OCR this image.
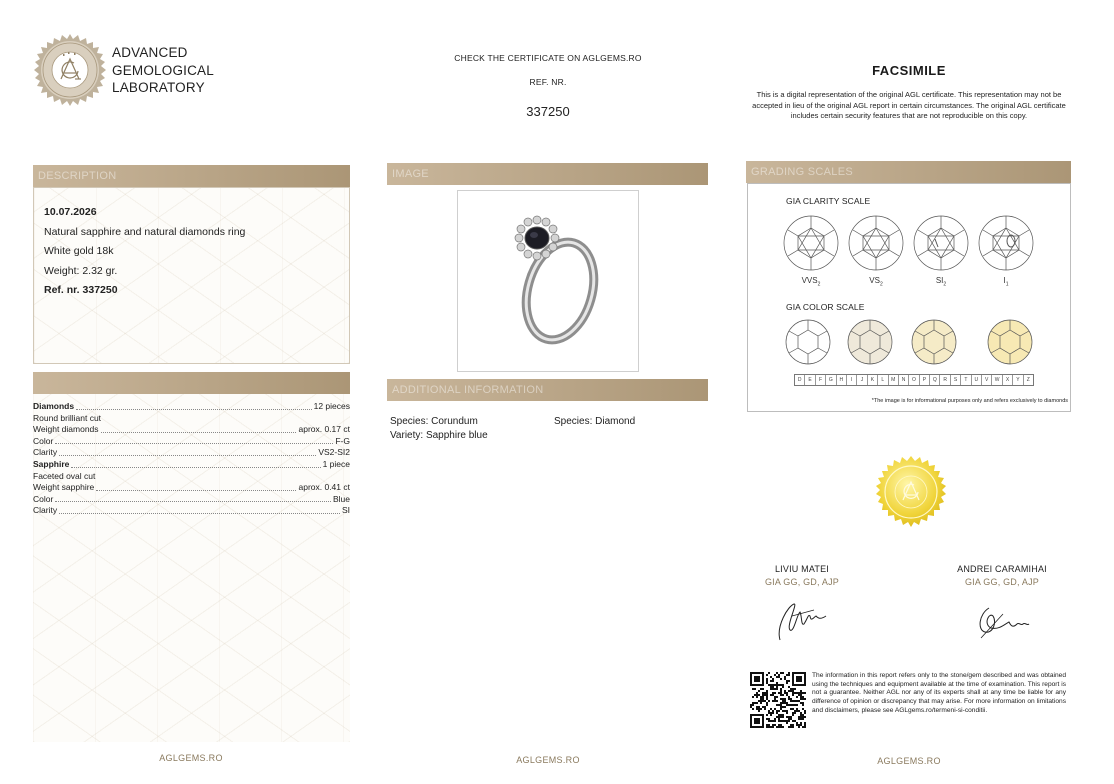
ADVANCED
GEMOLOGICAL
LABORATORY
CHECK THE CERTIFICATE ON AGLGEMS.RO
REF. NR.
337250
FACSIMILE
This is a digital representation of the original AGL certificate. This representation may not be accepted in lieu of the original AGL report in certain circumstances. The original AGL certificate includes certain security features that are not reproducible on this copy.
DESCRIPTION
10.07.2026
Natural sapphire and natural diamonds ring
White gold 18k
Weight: 2.32 gr.
Ref. nr. 337250
Diamonds	12 pieces
Round brilliant cut
Weight diamonds	aprox. 0.17 ct
Color	F-G
Clarity	VS2-SI2
Sapphire	1 piece
Faceted oval cut
Weight sapphire	aprox. 0.41 ct
Color	Blue
Clarity	SI
IMAGE
ADDITIONAL INFORMATION
Species: Corundum
Variety: Sapphire blue
Species: Diamond
AGLGEMS.RO	AGLGEMS.RO	AGLGEMS.RO
GRADING SCALES
GIA CLARITY SCALE
$VVS_2$	$VS_2$	$SI_2$	$I_1$
GIA COLOR SCALE
D	E	F	G	H	I	J	K	L	M	N	O	P	Q	R	S	T	U	V	W	X	Y	Z
*The image is for informational purposes only and refers exclusively to diamonds
LIVIU MATEI
GIA GG, GD, AJP
ANDREI CARAMIHAI
GIA GG, GD, AJP
The information in this report refers only to the stone/gem described and was obtained using the techniques and equipment available at the time of examination. This report is not a guarantee. Neither AGL nor any of its experts shall at any time be liable for any difference of opinion or discrepancy that may arise. For more information on limitations and disclaimers, please see AGLgems.ro/termeni-si-conditii.
